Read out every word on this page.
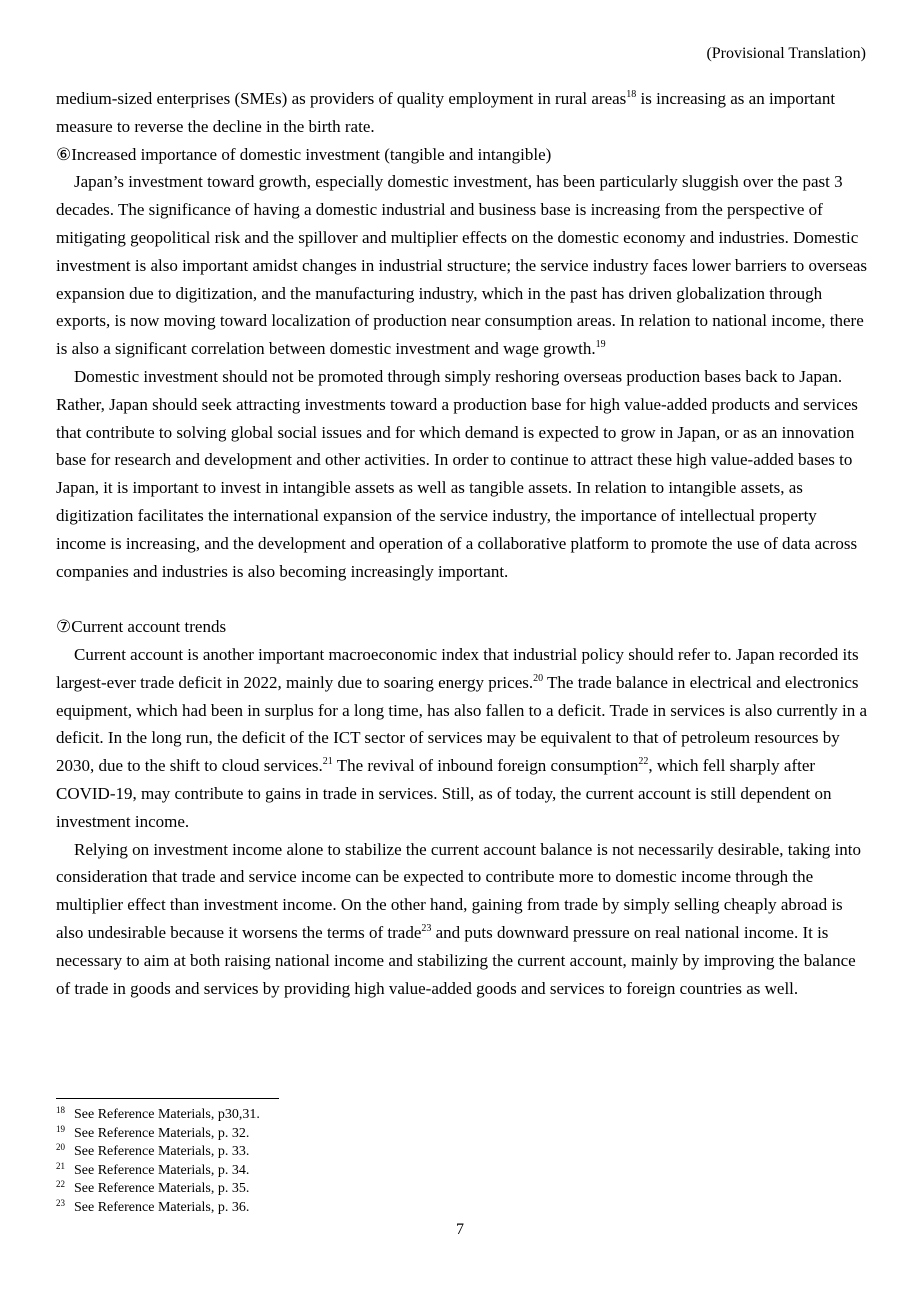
(Provisional Translation)

medium-sized enterprises (SMEs) as providers of quality employment in rural areas$^{18}$ is increasing as an important measure to reverse the decline in the birth rate.

⑥Increased importance of domestic investment (tangible and intangible)

Japan’s investment toward growth, especially domestic investment, has been particularly sluggish over the past 3 decades. The significance of having a domestic industrial and business base is increasing from the perspective of mitigating geopolitical risk and the spillover and multiplier effects on the domestic economy and industries. Domestic investment is also important amidst changes in industrial structure; the service industry faces lower barriers to overseas expansion due to digitization, and the manufacturing industry, which in the past has driven globalization through exports, is now moving toward localization of production near consumption areas. In relation to national income, there is also a significant correlation between domestic investment and wage growth.$^{19}$

Domestic investment should not be promoted through simply reshoring overseas production bases back to Japan. Rather, Japan should seek attracting investments toward a production base for high value-added products and services that contribute to solving global social issues and for which demand is expected to grow in Japan, or as an innovation base for research and development and other activities. In order to continue to attract these high value-added bases to Japan, it is important to invest in intangible assets as well as tangible assets. In relation to intangible assets, as digitization facilitates the international expansion of the service industry, the importance of intellectual property income is increasing, and the development and operation of a collaborative platform to promote the use of data across companies and industries is also becoming increasingly important.

⑦Current account trends

Current account is another important macroeconomic index that industrial policy should refer to. Japan recorded its largest-ever trade deficit in 2022, mainly due to soaring energy prices.$^{20}$ The trade balance in electrical and electronics equipment, which had been in surplus for a long time, has also fallen to a deficit. Trade in services is also currently in a deficit. In the long run, the deficit of the ICT sector of services may be equivalent to that of petroleum resources by 2030, due to the shift to cloud services.$^{21}$ The revival of inbound foreign consumption$^{22}$, which fell sharply after COVID-19, may contribute to gains in trade in services. Still, as of today, the current account is still dependent on investment income.

Relying on investment income alone to stabilize the current account balance is not necessarily desirable, taking into consideration that trade and service income can be expected to contribute more to domestic income through the multiplier effect than investment income. On the other hand, gaining from trade by simply selling cheaply abroad is also undesirable because it worsens the terms of trade$^{23}$ and puts downward pressure on real national income. It is necessary to aim at both raising national income and stabilizing the current account, mainly by improving the balance of trade in goods and services by providing high value-added goods and services to foreign countries as well.

18 See Reference Materials, p30,31.
19 See Reference Materials, p. 32.
20 See Reference Materials, p. 33.
21 See Reference Materials, p. 34.
22 See Reference Materials, p. 35.
23 See Reference Materials, p. 36.
7
